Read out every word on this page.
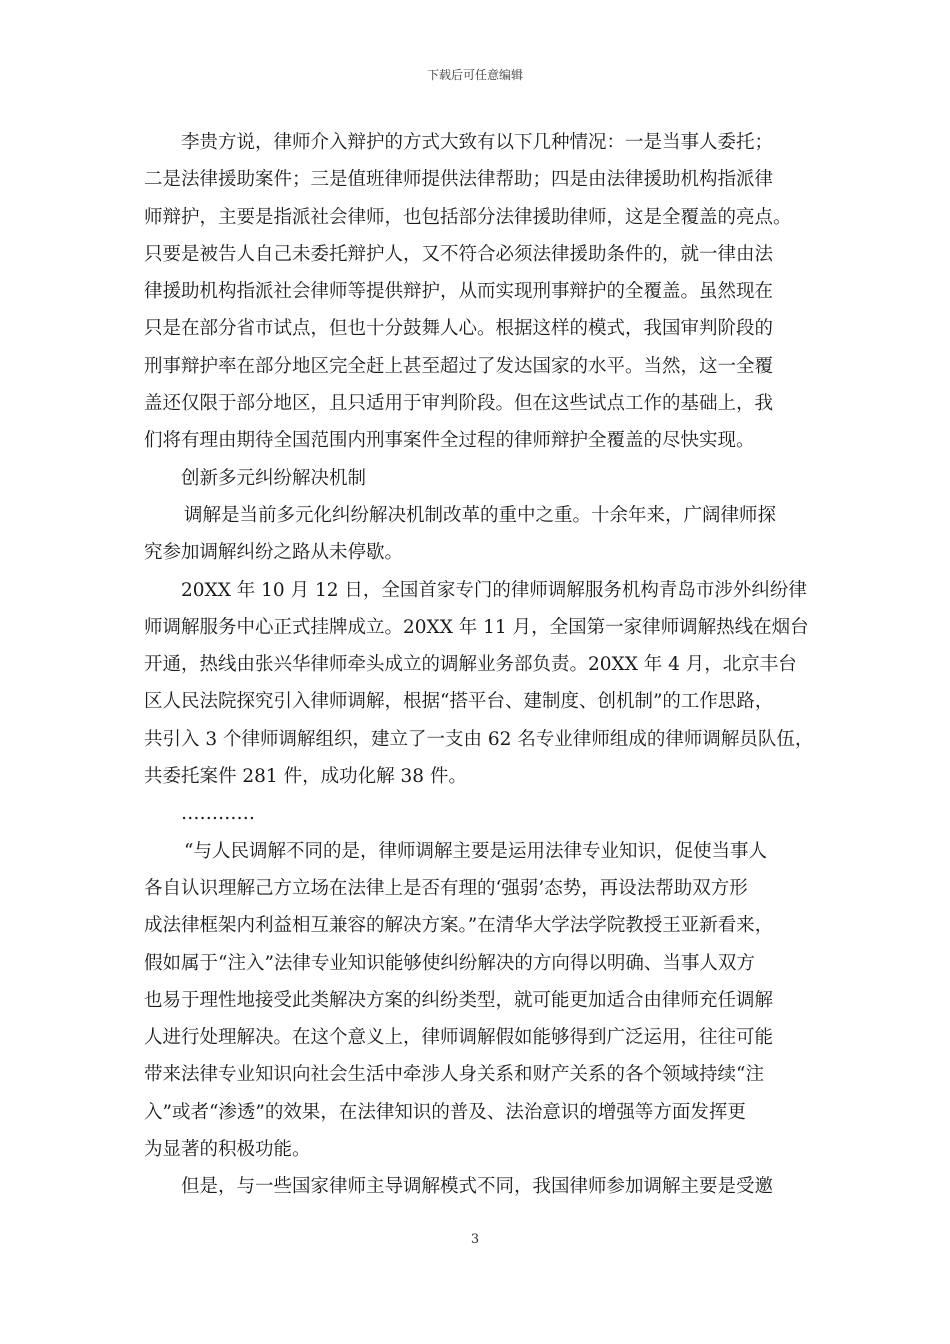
下载后可任意编辑
李贵方说，律师介入辩护的方式大致有以下几种情况：一是当事人委托；
二是法律援助案件；三是值班律师提供法律帮助；四是由法律援助机构指派律
师辩护，主要是指派社会律师，也包括部分法律援助律师，这是全覆盖的亮点。
只要是被告人自己未委托辩护人，又不符合必须法律援助条件的，就一律由法
律援助机构指派社会律师等提供辩护，从而实现刑事辩护的全覆盖。虽然现在
只是在部分省市试点，但也十分鼓舞人心。根据这样的模式，我国审判阶段的
刑事辩护率在部分地区完全赶上甚至超过了发达国家的水平。当然，这一全覆
盖还仅限于部分地区，且只适用于审判阶段。但在这些试点工作的基础上，我
们将有理由期待全国范围内刑事案件全过程的律师辩护全覆盖的尽快实现。
创新多元纠纷解决机制
调解是当前多元化纠纷解决机制改革的重中之重。十余年来，广阔律师探
究参加调解纠纷之路从未停歇。
20XX 年 10 月 12 日，全国首家专门的律师调解服务机构青岛市涉外纠纷律
师调解服务中心正式挂牌成立。20XX 年 11 月，全国第一家律师调解热线在烟台
开通，热线由张兴华律师牵头成立的调解业务部负责。20XX 年 4 月，北京丰台
区人民法院探究引入律师调解，根据“搭平台、建制度、创机制”的工作思路，
共引入 3 个律师调解组织，建立了一支由 62 名专业律师组成的律师调解员队伍，
共委托案件 281 件，成功化解 38 件。
…………
“与人民调解不同的是，律师调解主要是运用法律专业知识，促使当事人
各自认识理解己方立场在法律上是否有理的‘强弱’态势，再设法帮助双方形
成法律框架内利益相互兼容的解决方案。”在清华大学法学院教授王亚新看来，
假如属于“注入”法律专业知识能够使纠纷解决的方向得以明确、当事人双方
也易于理性地接受此类解决方案的纠纷类型，就可能更加适合由律师充任调解
人进行处理解决。在这个意义上，律师调解假如能够得到广泛运用，往往可能
带来法律专业知识向社会生活中牵涉人身关系和财产关系的各个领域持续“注
入”或者“渗透”的效果，在法律知识的普及、法治意识的增强等方面发挥更
为显著的积极功能。
但是，与一些国家律师主导调解模式不同，我国律师参加调解主要是受邀
3
